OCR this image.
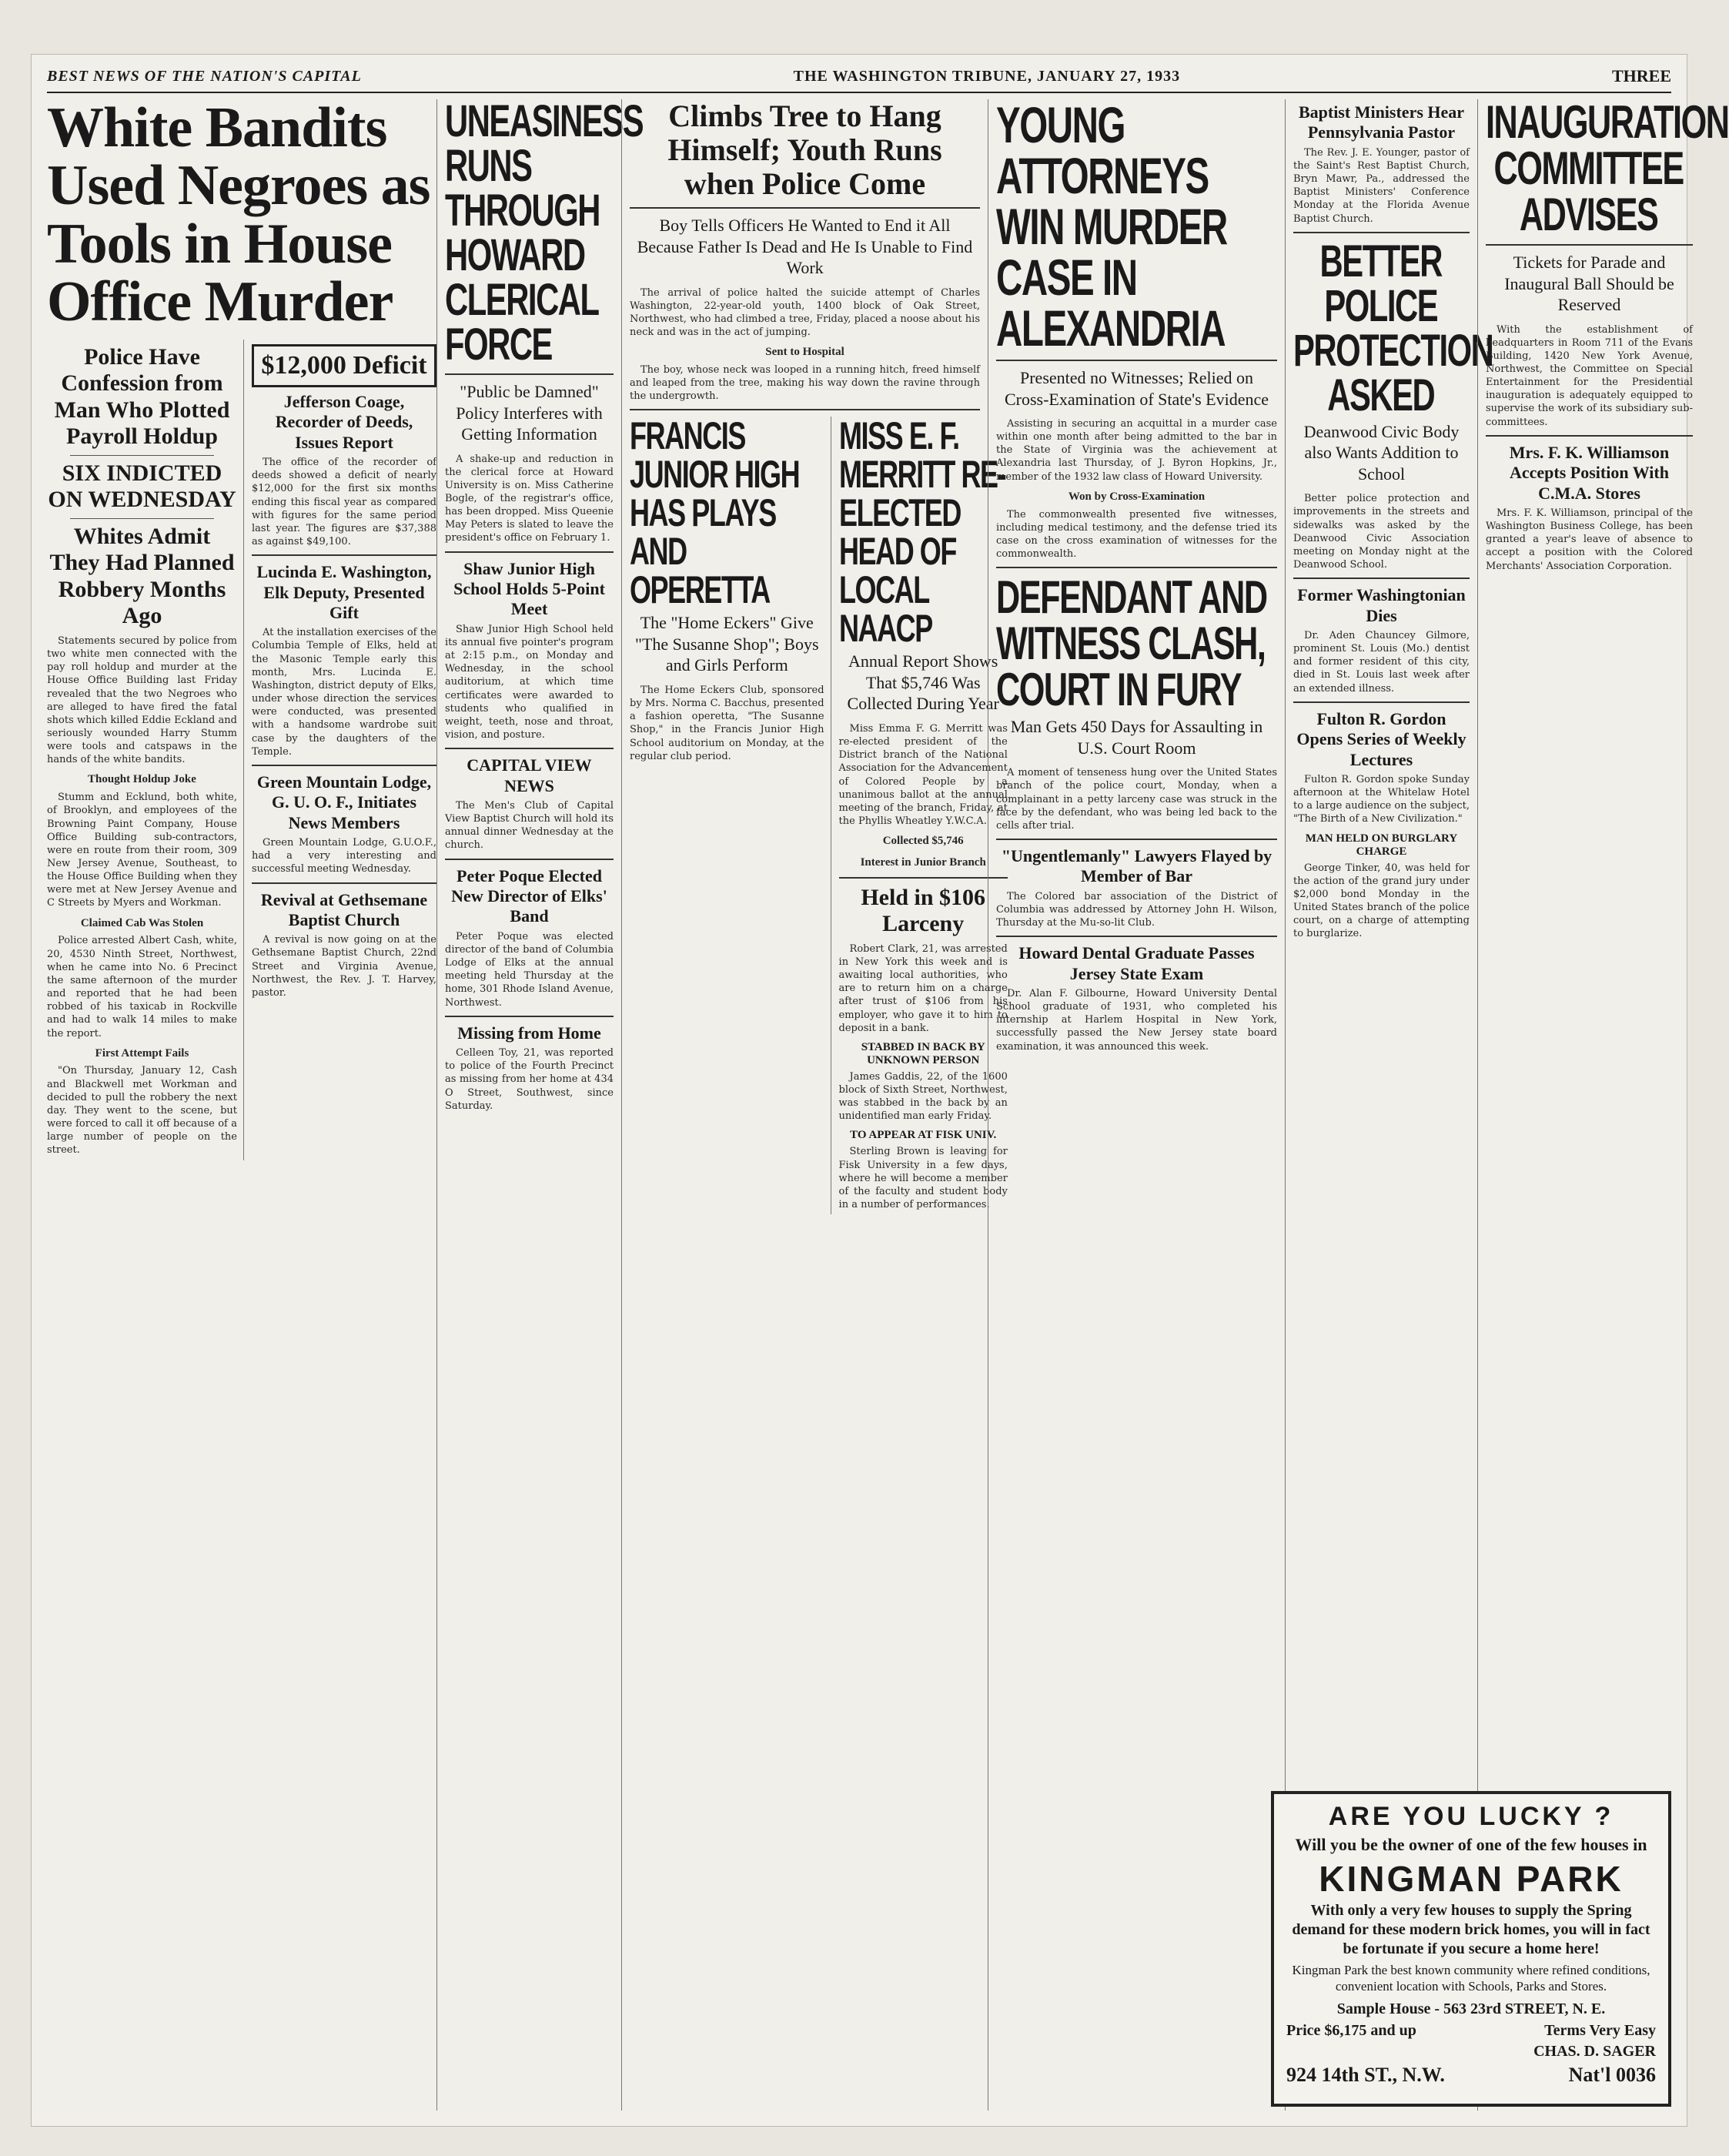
BEST NEWS OF THE NATION'S CAPITAL	THE WASHINGTON TRIBUNE, JANUARY 27, 1933	THREE
White Bandits Used Negroes as Tools in House Office Murder
Police Have Confession from Man Who Plotted Payroll Holdup
SIX INDICTED ON WEDNESDAY
Whites Admit They Had Planned Robbery Months Ago

Statements secured by police from two white men connected with the pay roll holdup and murder at the House Office Building last Friday revealed that the two Negroes who are alleged to have fired the fatal shots which killed Eddie Eckland and seriously wounded Harry Stumm were tools and catspaws in the hands of the white bandits.

Thought Holdup Joke

Stumm and Ecklund, both white, of Brooklyn, and employees of the Browning Paint Company, House Office Building sub-contractors, were en route from their room, 309 New Jersey Avenue, Southeast, to the House Office Building when they were met at New Jersey Avenue and C Streets by Myers and Workman.

Claimed Cab Was Stolen

Police arrested Albert Cash, white, 20, 4530 Ninth Street, Northwest, when he came into No. 6 Precinct the same afternoon of the murder and reported that he had been robbed of his taxicab in Rockville and had to walk 14 miles to make the report.

First Attempt Fails

"On Thursday, January 12, Cash and Blackwell met Workman and decided to pull the robbery the next day. They went to the scene, but were forced to call it off because of a large number of people on the street.

$12,000 Deficit
Jefferson Coage, Recorder of Deeds, Issues Report

The office of the recorder of deeds showed a deficit of nearly $12,000 for the first six months ending this fiscal year as compared with figures for the same period last year. The figures are $37,388 as against $49,100.

Lucinda E. Washington, Elk Deputy, Presented Gift

At the installation exercises of the Columbia Temple of Elks, held at the Masonic Temple early this month, Mrs. Lucinda E. Washington, district deputy of Elks, under whose direction the services were conducted, was presented with a handsome wardrobe suit case by the daughters of the Temple.

Green Mountain Lodge, G. U. O. F., Initiates News Members

Green Mountain Lodge, G.U.O.F., had a very interesting and successful meeting Wednesday.

Revival at Gethsemane Baptist Church

A revival is now going on at the Gethsemane Baptist Church, 22nd Street and Virginia Avenue, Northwest, the Rev. J. T. Harvey, pastor.

UNEASINESS RUNS THROUGH HOWARD CLERICAL FORCE
"Public be Damned" Policy Interferes with Getting Information

A shake-up and reduction in the clerical force at Howard University is on. Miss Catherine Bogle, of the registrar's office, has been dropped. Miss Queenie May Peters is slated to leave the president's office on February 1.

Shaw Junior High School Holds 5-Point Meet

Shaw Junior High School held its annual five pointer's program at 2:15 p.m., on Monday and Wednesday, in the school auditorium, at which time certificates were awarded to students who qualified in weight, teeth, nose and throat, vision, and posture.

CAPITAL VIEW NEWS

The Men's Club of Capital View Baptist Church will hold its annual dinner Wednesday at the church.

Peter Poque Elected New Director of Elks' Band

Peter Poque was elected director of the band of Columbia Lodge of Elks at the annual meeting held Thursday at the home, 301 Rhode Island Avenue, Northwest.

Missing from Home

Celleen Toy, 21, was reported to police of the Fourth Precinct as missing from her home at 434 O Street, Southwest, since Saturday.

Climbs Tree to Hang Himself; Youth Runs when Police Come
Boy Tells Officers He Wanted to End it All Because Father Is Dead and He Is Unable to Find Work

The arrival of police halted the suicide attempt of Charles Washington, 22-year-old youth, 1400 block of Oak Street, Northwest, who had climbed a tree, Friday, placed a noose about his neck and was in the act of jumping.

Sent to Hospital

The boy, whose neck was looped in a running hitch, freed himself and leaped from the tree, making his way down the ravine through the undergrowth.

FRANCIS JUNIOR HIGH HAS PLAYS AND OPERETTA
The "Home Eckers" Give "The Susanne Shop"; Boys and Girls Perform

The Home Eckers Club, sponsored by Mrs. Norma C. Bacchus, presented a fashion operetta, "The Susanne Shop," in the Francis Junior High School auditorium on Monday, at the regular club period.

MISS E. F. MERRITT RE-ELECTED HEAD OF LOCAL NAACP
Annual Report Shows That $5,746 Was Collected During Year

Miss Emma F. G. Merritt was re-elected president of the District branch of the National Association for the Advancement of Colored People by a unanimous ballot at the annual meeting of the branch, Friday, at the Phyllis Wheatley Y.W.C.A.

Collected $5,746
Interest in Junior Branch
Held in $106 Larceny

Robert Clark, 21, was arrested in New York this week and is awaiting local authorities, who are to return him on a charge after trust of $106 from his employer, who gave it to him to deposit in a bank.

STABBED IN BACK BY UNKNOWN PERSON

James Gaddis, 22, of the 1600 block of Sixth Street, Northwest, was stabbed in the back by an unidentified man early Friday.

TO APPEAR AT FISK UNIV.

Sterling Brown is leaving for Fisk University in a few days, where he will become a member of the faculty and student body in a number of performances.

YOUNG ATTORNEYS WIN MURDER CASE IN ALEXANDRIA
Presented no Witnesses; Relied on Cross-Examination of State's Evidence

Assisting in securing an acquittal in a murder case within one month after being admitted to the bar in the State of Virginia was the achievement at Alexandria last Thursday, of J. Byron Hopkins, Jr., member of the 1932 law class of Howard University.

Won by Cross-Examination

The commonwealth presented five witnesses, including medical testimony, and the defense tried its case on the cross examination of witnesses for the commonwealth.

DEFENDANT AND WITNESS CLASH, COURT IN FURY
Man Gets 450 Days for Assaulting in U.S. Court Room

A moment of tenseness hung over the United States branch of the police court, Monday, when a complainant in a petty larceny case was struck in the face by the defendant, who was being led back to the cells after trial.

"Ungentlemanly" Lawyers Flayed by Member of Bar

The Colored bar association of the District of Columbia was addressed by Attorney John H. Wilson, Thursday at the Mu-so-lit Club.

Howard Dental Graduate Passes Jersey State Exam

Dr. Alan F. Gilbourne, Howard University Dental School graduate of 1931, who completed his internship at Harlem Hospital in New York, successfully passed the New Jersey state board examination, it was announced this week.

Baptist Ministers Hear Pennsylvania Pastor

The Rev. J. E. Younger, pastor of the Saint's Rest Baptist Church, Bryn Mawr, Pa., addressed the Baptist Ministers' Conference Monday at the Florida Avenue Baptist Church.

BETTER POLICE PROTECTION ASKED
Deanwood Civic Body also Wants Addition to School

Better police protection and improvements in the streets and sidewalks was asked by the Deanwood Civic Association meeting on Monday night at the Deanwood School.

Former Washingtonian Dies

Dr. Aden Chauncey Gilmore, prominent St. Louis (Mo.) dentist and former resident of this city, died in St. Louis last week after an extended illness.

Fulton R. Gordon Opens Series of Weekly Lectures

Fulton R. Gordon spoke Sunday afternoon at the Whitelaw Hotel to a large audience on the subject, "The Birth of a New Civilization."

MAN HELD ON BURGLARY CHARGE

George Tinker, 40, was held for the action of the grand jury under $2,000 bond Monday in the United States branch of the police court, on a charge of attempting to burglarize.

INAUGURATION COMMITTEE ADVISES
Tickets for Parade and Inaugural Ball Should be Reserved

With the establishment of headquarters in Room 711 of the Evans Building, 1420 New York Avenue, Northwest, the Committee on Special Entertainment for the Presidential inauguration is adequately equipped to supervise the work of its subsidiary sub-committees.

Mrs. F. K. Williamson Accepts Position With C.M.A. Stores

Mrs. F. K. Williamson, principal of the Washington Business College, has been granted a year's leave of absence to accept a position with the Colored Merchants' Association Corporation.

ARE YOU LUCKY ?
Will you be the owner of one of the few houses in
KINGMAN PARK
With only a very few houses to supply the Spring demand for these modern brick homes, you will in fact be fortunate if you secure a home here!
Kingman Park the best known community where refined conditions, convenient location with Schools, Parks and Stores.
Sample House - 563 23rd STREET, N. E.
Price $6,175 and up	Terms Very Easy
CHAS. D. SAGER
924 14th ST., N.W.	Nat'l 0036
